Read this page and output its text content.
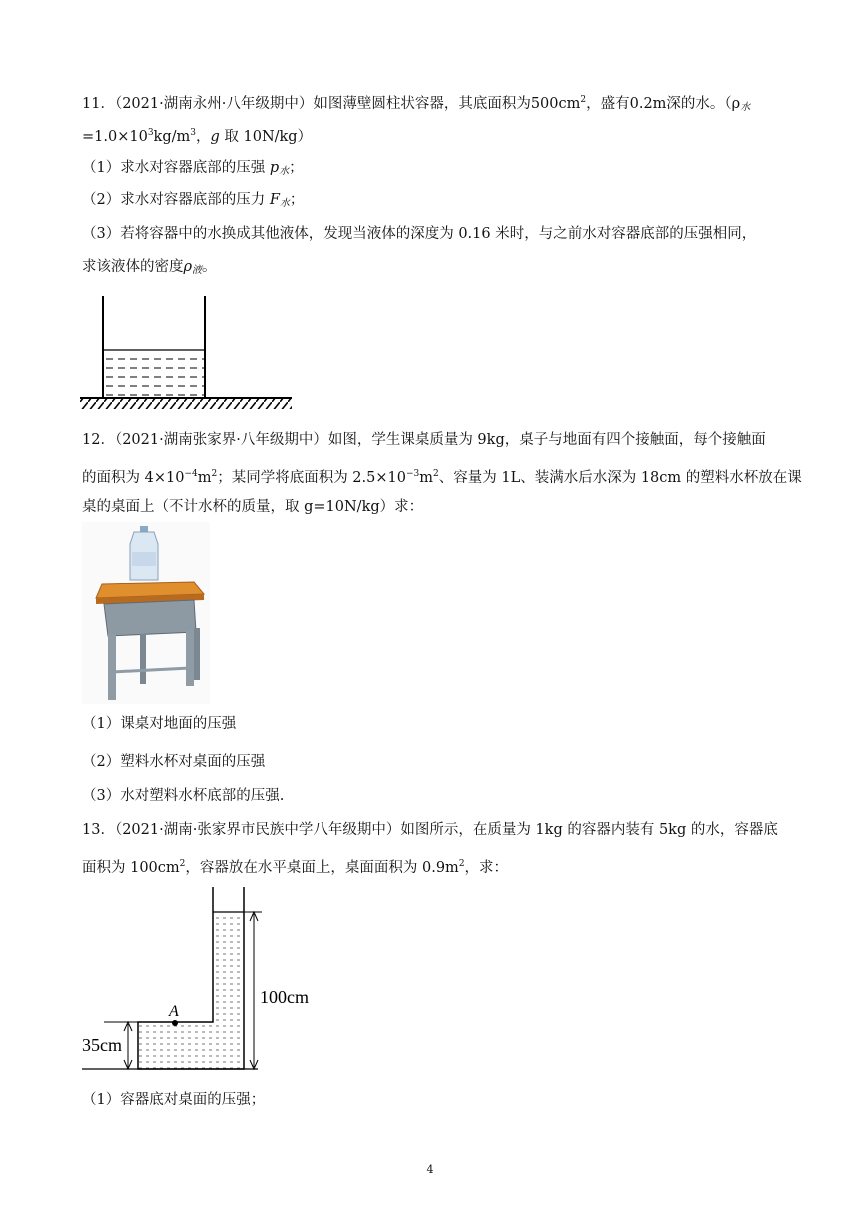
11．（2021·湖南永州·八年级期中）如图薄壁圆柱状容器，其底面积为$500cm^2$，盛有0.2m深的水。（$\rho_水$
$=1.0\times 10^3kg/m^3$，g 取 10N/kg）
（1）求水对容器底部的压强 $p_水$；
（2）求水对容器底部的压力 $F_水$；
（3）若将容器中的水换成其他液体，发现当液体的深度为 0.16 米时，与之前水对容器底部的压强相同，
求该液体的密度$\rho_液$。
12．（2021·湖南张家界·八年级期中）如图，学生课桌质量为 9kg，桌子与地面有四个接触面，每个接触面
的面积为 $4\times 10^{-4}m^2$；某同学将底面积为 $2.5\times 10^{-3}m^2$、容量为 1L、装满水后水深为 18cm 的塑料水杯放在课
桌的桌面上（不计水杯的质量，取 g=10N/kg）求：
（1）课桌对地面的压强
（2）塑料水杯对桌面的压强
（3）水对塑料水杯底部的压强.
13．（2021·湖南·张家界市民族中学八年级期中）如图所示，在质量为 1kg 的容器内装有 5kg 的水，容器底
面积为 $100cm^2$，容器放在水平桌面上，桌面面积为 $0.9m^2$，求：
A
100cm
35cm
（1）容器底对桌面的压强；
4
